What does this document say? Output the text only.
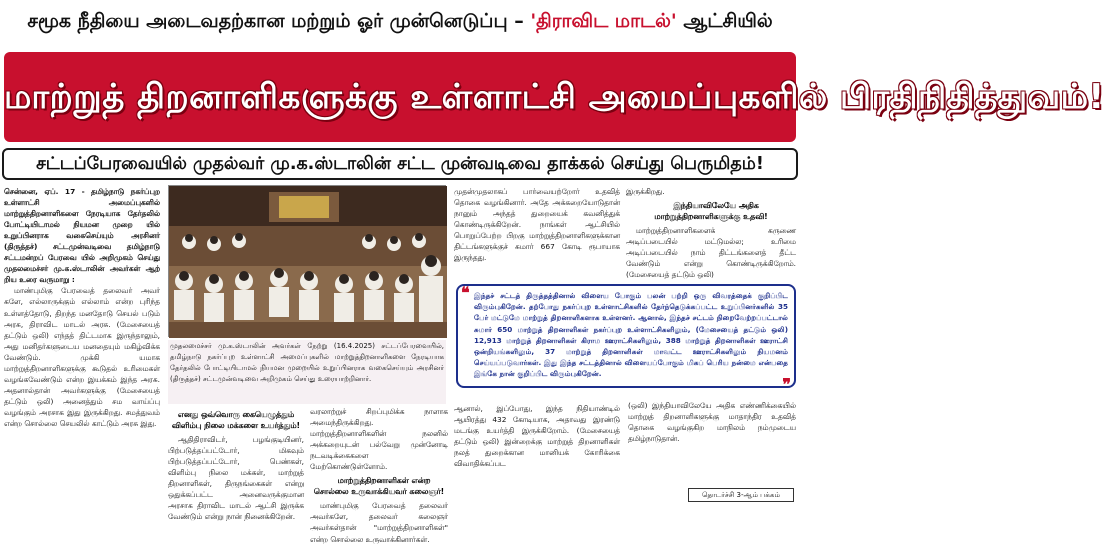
சமூக நீதியை அடைவதற்கான மற்றும் ஓர் முன்னெடுப்பு – 'திராவிட மாடல்' ஆட்சியில்
மாற்றுத் திறனாளிகளுக்கு உள்ளாட்சி அமைப்புகளில் பிரதிநிதித்துவம்!
சட்டப்பேரவையில் முதல்வர் மு.க.ஸ்டாலின் சட்ட முன்வடிவை தாக்கல் செய்து பெருமிதம்!

சென்னை, ஏப். 17 - தமிழ்நாடு நகர்ப்புற உள்ளாட்சி அமைப்புகளில் மாற்றுத்திறனாளிகளை நேரடியாக தேர்தலில் போட்டியிடாமல் நியமன முறை யில் உறுப்பினராக வகைசெய்யும் அரசினர் (திருத்தச்) சட்டமுன்வடிவை தமிழ்நாடு சட்டமன்றப் பேரவை யில் அறிமுகம் செய்து முதலமைச்சர் மு.க.ஸ்டாலின் அவர்கள் ஆற் றிய உரை வருமாறு :

மாண்புமிகு பேரவைத் தலைவர் அவர் களே, எல்லாருக்கும் எல்லாம் என்ற புரிந்த உள்ளத்தோடு, திறந்த மனதோடு செயல் படும் அரசு, திராவிட மாடல் அரசு. (மேசையைத் தட்டும் ஒலி) எந்தத் திட்டமாக இருந்தாலும், அது மனிதர்களுடைய மனதையும் மகிழ்விக்க வேண்டும். முக்கி யமாக மாற்றுத்திறனாளிகளுக்கு கூடுதல் உரிமைகள் வழங்கவேண்டும் என்ற இயக்கம் இந்த அரசு. அதனால்தான் அவர்களுக்கு (மேசையைத் தட்டும் ஒலி) அனைத்தும் சம வாய்ப்பு வழங்கும் அரசாக இது இருக்கிறது. சமத்துவம் என்ற சொல்லை செயலில் காட்டும் அரசு இது.

முதலமைச்சர் மு.க.ஸ்டாலின் அவர்கள் நேற்று (16.4.2025) சட்டப்பேரவையில், தமிழ்நாடு நகர்ப்புற உள்ளாட்சி அமைப்புகளில் மாற்றுத்திறனாளிகளை நேரடியாக தேர்தலில் போட்டியிடாமல் நியமன முறையில் உறுப்பினராக வகைசெய்யும் அரசினர் (திருத்தச்) சட்டமுன்வடிவை அறிமுகம் செய்து உரையாற்றினார்.

எனது ஒவ்வொரு கையெழுத்தும் விளிம்பு நிலை மக்களை உயர்த்தும்!

ஆதிதிராவிடர், பழங்குடியினர், பிற்படுத்தப்பட்டோர், மிகவும் பிற்படுத்தப்பட்டோர், பெண்கள், விளிம்பு நிலை மக்கள், மாற்றுத் திறனாளிகள், திருநங்கைகள் என்று ஒதுக்கப்பட்ட அனைவருக்குமான அரசாக திராவிட மாடல் ஆட்சி இருக்க வேண்டும் என்று நான் நினைக்கிறேன்.

வரலாற்றுச் சிறப்புமிக்க நாளாக அமைந்திருக்கிறது. மாற்றுத்திறனாளிகளின் நலனில் அக்கறையுடன் பல்வேறு முன்னோடி நடவடிக்கைகளை மேற்கொண்டுள்ளோம்.

மாற்றுத்திறனாளிகள் என்ற சொல்லை உருவாக்கியவர் கலைஞர்!

மாண்புமிகு பேரவைத் தலைவர் அவர்களே, தலைவர் கலைஞர் அவர்கள்தான் "மாற்றுத்திறனாளிகள்" என்ற சொல்லை உருவாக்கினார்கள்.

முதன்முதலாகப் பார்வையற்றோர் உதவித் தொகை வழங்கினார். அதே அக்கறையோடுதான் நானும் அந்தத் துறையைக் கவனித்துக் கொண்டிருக்கிறேன். நாங்கள் ஆட்சியில் பொறுப்பேற்ற பிறகு மாற்றுத்திறனாளிகளுக்கான திட்டங்களுக்குச் சுமார் 667 கோடி ரூபாயாக இருந்தது.

இருக்கிறது.

இந்தியாவிலேயே அதிக மாற்றுத்திறனாளிகளுக்கு உதவி!

மாற்றுத்திறனாளிகளைக் கருணை அடிப்படையில் மட்டுமல்ல; உரிமை அடிப்படையில் நாம் திட்டங்களைத் தீட்ட வேண்டும் என்று கொண்டிருக்கிறோம். (மேசையைத் தட்டும் ஒலி)

❝ இந்தச் சட்டத் திருத்தத்தினால் விளைய போகும் பலன் பற்றி ஒரு விவரத்தைக் குறிப்பிட விரும்புகிறேன். தற்போது நகர்ப்புற உள்ளாட்சிகளில் தேர்ந்தெடுக்கப்பட்ட உறுப்பினர்களில் 35 பேர் மட்டுமே மாற்றுத் திறனாளிகளாக உள்ளனர். ஆனால், இந்தச் சட்டம் நிறைவேற்றப்பட்டால் சுமார் 650 மாற்றுத் திறனாளிகள் நகர்ப்புற உள்ளாட்சிகளிலும், (மேசையைத் தட்டும் ஒலி) 12,913 மாற்றுத் திறனாளிகள் கிராம ஊராட்சிகளிலும், 388 மாற்றுத் திறனாளிகள் ஊராட்சி ஒன்றியங்களிலும், 37 மாற்றுத் திறனாளிகள் மாவட்ட ஊராட்சிகளிலும் நியமனம் செய்யப்படுவார்கள். இது இந்த சட்டத்தினால் விளையப்போகும் மிகப் பெரிய நன்மை என்பதை இங்கே நான் குறிப்பிட விரும்புகிறேன்.
❞

ஆனால், இப்போது, இந்த நிதியாண்டில் ஆயிரத்து 432 கோடியாக, அதாவது இரண்டு மடங்கு உயர்த்தி இருக்கிறோம். (மேசையைத் தட்டும் ஒலி) இன்றைக்கு மாற்றுத் திறனாளிகள் நலத் துறைக்கான மானியக் கோரிக்கை விவாதிக்கப்பட

(ஒலி) இந்தியாவிலேயே அதிக எண்ணிக்கையில் மாற்றுத் திறனாளிகளுக்கு மாதாந்திர உதவித் தொகை வழங்குகிற மாநிலம் நம்முடைய தமிழ்நாடுதான்.

தொடர்ச்சி 3-ஆம் பக்கம்
